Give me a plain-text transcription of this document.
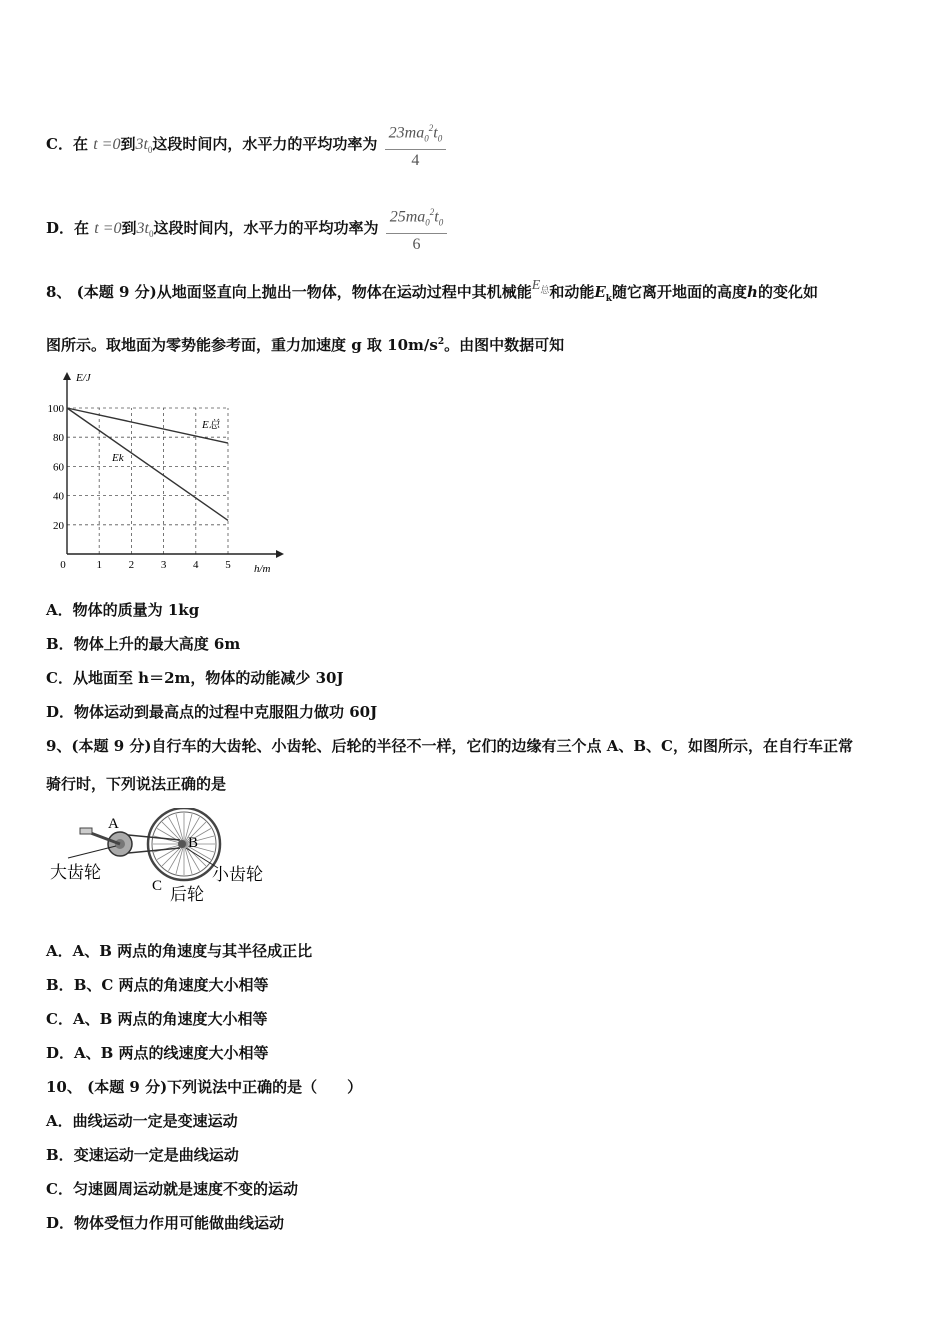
C．在 t =0到$3t_0$这段时间内，水平力的平均功率为 $\frac{23ma_0^2t_0}{4}$
D．在 t =0到$3t_0$这段时间内，水平力的平均功率为 $\frac{25ma_0^2t_0}{6}$
8、 (本题 9 分)从地面竖直向上抛出一物体，物体在运动过程中其机械能$E_总$和动能$E_k$随它离开地面的高度h的变化如
图所示。取地面为零势能参考面，重力加速度 g 取 $10m/s^2$。由图中数据可知
E/J
h/m
0	1 2 3 4 5
20
40
60
80
100
E总
Ek
A．物体的质量为 1kg
B．物体上升的最大高度 6m
C．从地面至 h＝2m，物体的动能减少 30J
D．物体运动到最高点的过程中克服阻力做功 60J
9、(本题 9 分)自行车的大齿轮、小齿轮、后轮的半径不一样，它们的边缘有三个点 A、B、C，如图所示，在自行车正常
骑行时，下列说法正确的是
A
B
C
大齿轮	小齿轮
后轮
A．A、B 两点的角速度与其半径成正比
B．B、C 两点的角速度大小相等
C．A、B 两点的角速度大小相等
D．A、B 两点的线速度大小相等
10、 (本题 9 分)下列说法中正确的是（　　）
A．曲线运动一定是变速运动
B．变速运动一定是曲线运动
C．匀速圆周运动就是速度不变的运动
D．物体受恒力作用可能做曲线运动
